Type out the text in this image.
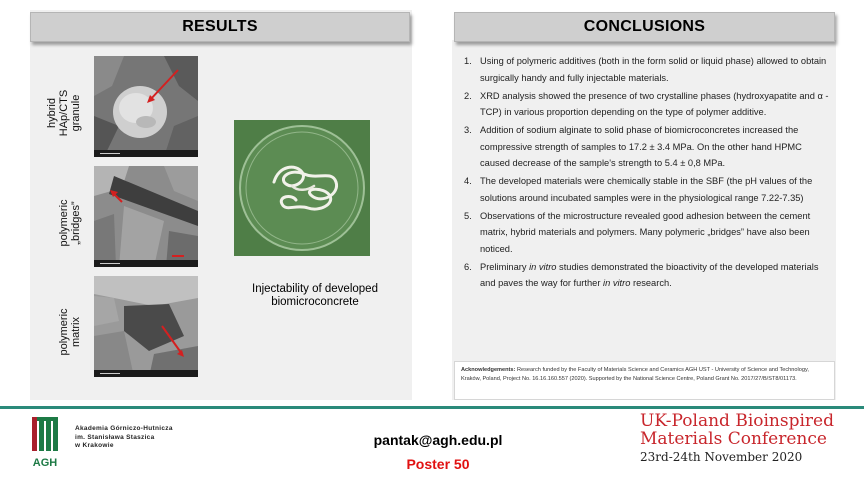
RESULTS	CONCLUSIONS
hybrid HAp/CTS granule
polymeric „bridges”
polymeric matrix
Injectability of developed
biomicroconcrete
1. Using of polymeric additives (both in the form solid or liquid phase) allowed to obtain surgically handy and fully injectable materials.
2. XRD analysis showed the presence of two crystalline phases (hydroxyapatite and α -TCP) in various proportion depending on the type of polymer additive.
3. Addition of sodium alginate to solid phase of biomicroconcretes increased the compressive strength of samples to 17.2 ± 3.4 MPa. On the other hand HPMC caused decrease of the sample's strength to 5.4 ± 0,8 MPa.
4. The developed materials were chemically stable in the SBF (the pH values of the solutions around incubated samples were in the physiological range 7.22-7.35)
5. Observations of the microstructure revealed good adhesion between the cement matrix, hybrid materials and polymers. Many polymeric „bridges” have also been noticed.
6. Preliminary in vitro studies demonstrated the bioactivity of the developed materials and paves the way for further in vitro research.
Acknowledgements: Research funded by the Faculty of Materials Science and Ceramics AGH UST - University of Science and Technology, Kraków, Poland, Project No. 16.16.160.557 (2020). Supported by the National Science Centre, Poland Grant No. 2017/27/B/ST8/01173.
AGH
Akademia Górniczo-Hutnicza
im. Stanisława Staszica
w Krakowie	pantak@agh.edu.pl
Poster 50
UK-Poland Bioinspired
Materials Conference
23rd-24th November 2020
